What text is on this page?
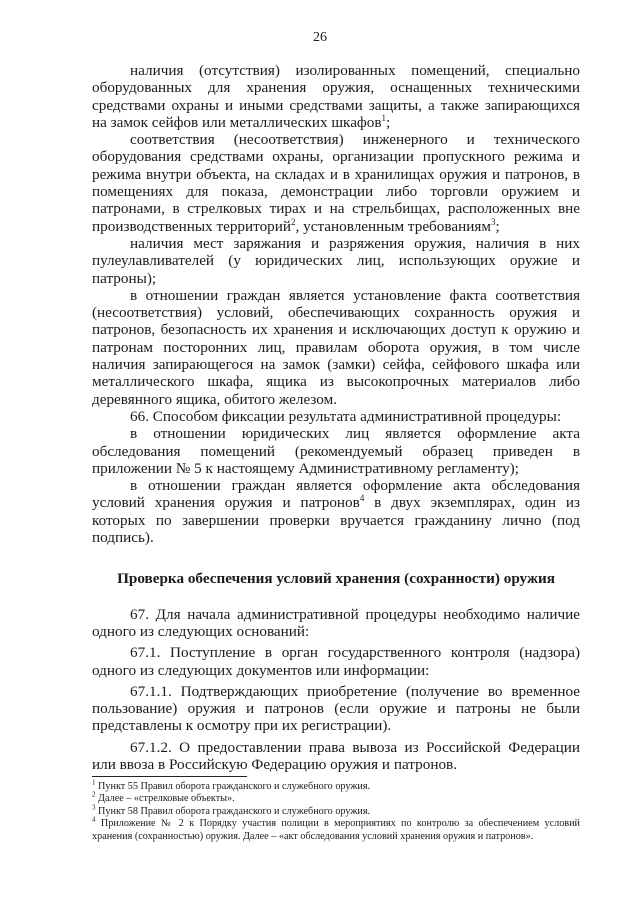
26

наличия (отсутствия) изолированных помещений, специально оборудованных для хранения оружия, оснащенных техническими средствами охраны и иными средствами защиты, а также запирающихся на замок сейфов или металлических шкафов$^1$;

соответствия (несоответствия) инженерного и технического оборудования средствами охраны, организации пропускного режима и режима внутри объекта, на складах и в хранилищах оружия и патронов, в помещениях для показа, демонстрации либо торговли оружием и патронами, в стрелковых тирах и на стрельбищах, расположенных вне производственных территорий$^2$, установленным требованиям$^3$;

наличия мест заряжания и разряжения оружия, наличия в них пулеулавливателей (у юридических лиц, использующих оружие и патроны);

в отношении граждан является установление факта соответствия (несоответствия) условий, обеспечивающих сохранность оружия и патронов, безопасность их хранения и исключающих доступ к оружию и патронам посторонних лиц, правилам оборота оружия, в том числе наличия запирающегося на замок (замки) сейфа, сейфового шкафа или металлического шкафа, ящика из высокопрочных материалов либо деревянного ящика, обитого железом.

66. Способом фиксации результата административной процедуры:

в отношении юридических лиц является оформление акта обследования помещений (рекомендуемый образец приведен в приложении № 5 к настоящему Административному регламенту);

в отношении граждан является оформление акта обследования условий хранения оружия и патронов$^4$ в двух экземплярах, один из которых по завершении проверки вручается гражданину лично (под подпись).

Проверка обеспечения условий хранения (сохранности) оружия

67. Для начала административной процедуры необходимо наличие одного из следующих оснований:

67.1. Поступление в орган государственного контроля (надзора) одного из следующих документов или информации:

67.1.1. Подтверждающих приобретение (получение во временное пользование) оружия и патронов (если оружие и патроны не были представлены к осмотру при их регистрации).

67.1.2. О предоставлении права вывоза из Российской Федерации или ввоза в Российскую Федерацию оружия и патронов.

$^1$ Пункт 55 Правил оборота гражданского и служебного оружия.

$^2$ Далее – «стрелковые объекты».

$^3$ Пункт 58 Правил оборота гражданского и служебного оружия.

$^4$ Приложение № 2 к Порядку участия полиции в мероприятиях по контролю за обеспечением условий хранения (сохранностью) оружия. Далее – «акт обследования условий хранения оружия и патронов».
